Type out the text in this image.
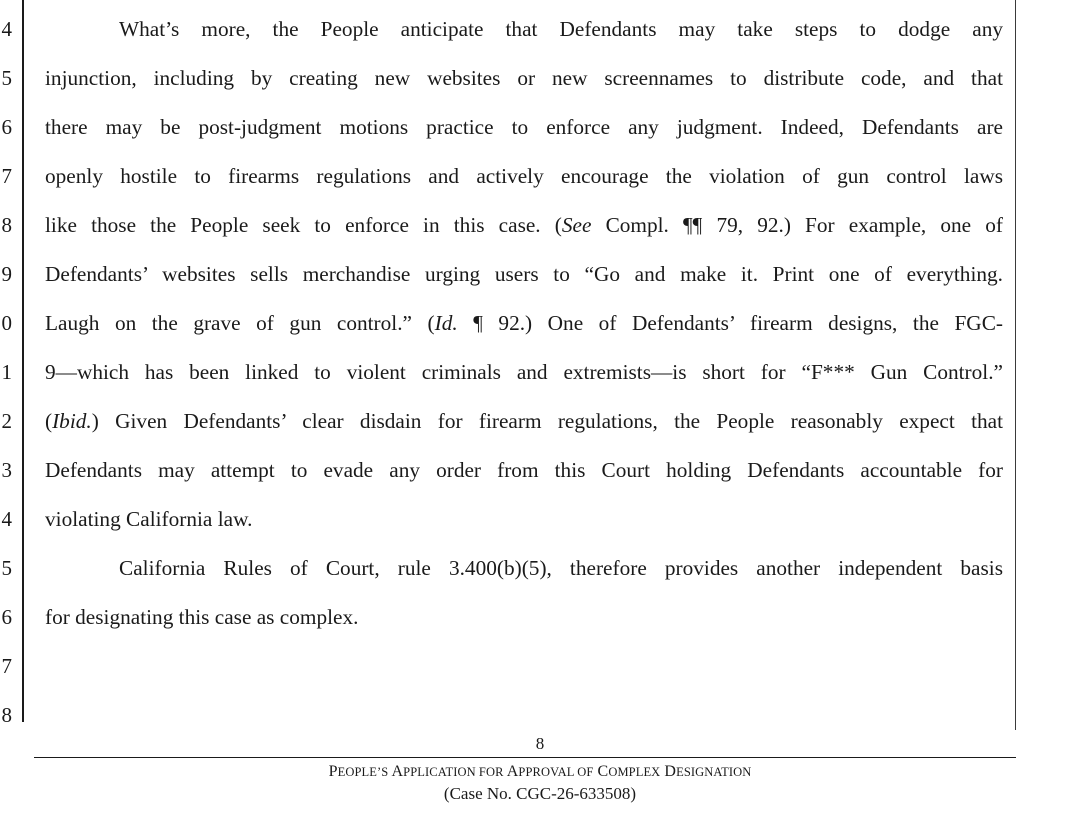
4
5
6
7
8
9
0
1
2
3
4
5
6
7
8
What’s more, the People anticipate that Defendants may take steps to dodge any
injunction, including by creating new websites or new screennames to distribute code, and that
there may be post-judgment motions practice to enforce any judgment. Indeed, Defendants are
openly hostile to firearms regulations and actively encourage the violation of gun control laws
like those the People seek to enforce in this case. (See Compl. ¶¶ 79, 92.) For example, one of
Defendants’ websites sells merchandise urging users to “Go and make it. Print one of everything.
Laugh on the grave of gun control.” (Id. ¶ 92.) One of Defendants’ firearm designs, the FGC-
9—which has been linked to violent criminals and extremists—is short for “F*** Gun Control.”
(Ibid.) Given Defendants’ clear disdain for firearm regulations, the People reasonably expect that
Defendants may attempt to evade any order from this Court holding Defendants accountable for
violating California law.
California Rules of Court, rule 3.400(b)(5), therefore provides another independent basis
for designating this case as complex.
8
PEOPLE’S APPLICATION FOR APPROVAL OF COMPLEX DESIGNATION
(Case No. CGC-26-633508)
